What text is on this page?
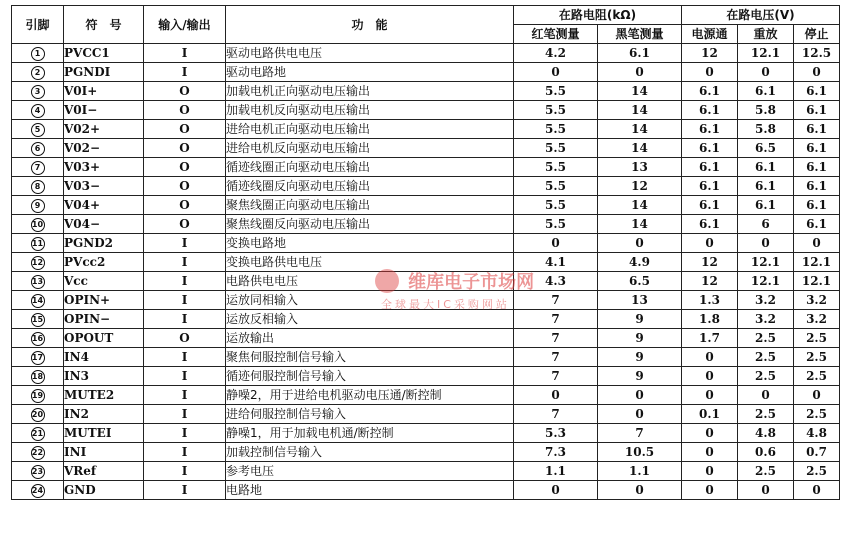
引脚	符　号	输入/输出	功　能	在路电阻(kΩ)		在路电压(V)		
				红笔测量	黑笔测量	电源通	重放	停止
1	PVCC1	I	驱动电路供电电压	4.2	6.1	12	12.1	12.5
2	PGNDI	I	驱动电路地	0	0	0	0	0
3	V0I+	O	加载电机正向驱动电压输出	5.5	14	6.1	6.1	6.1
4	V0I−	O	加载电机反向驱动电压输出	5.5	14	6.1	5.8	6.1
5	V02+	O	进给电机正向驱动电压输出	5.5	14	6.1	5.8	6.1
6	V02−	O	进给电机反向驱动电压输出	5.5	14	6.1	6.5	6.1
7	V03+	O	循迹线圈正向驱动电压输出	5.5	13	6.1	6.1	6.1
8	V03−	O	循迹线圈反向驱动电压输出	5.5	12	6.1	6.1	6.1
9	V04+	O	聚焦线圈正向驱动电压输出	5.5	14	6.1	6.1	6.1
10	V04−	O	聚焦线圈反向驱动电压输出	5.5	14	6.1	6	6.1
11	PGND2	I	变换电路地	0	0	0	0	0
12	PVcc2	I	变换电路供电电压	4.1	4.9	12	12.1	12.1
13	Vcc	I	电路供电电压	4.3	6.5	12	12.1	12.1
14	OPIN+	I	运放同相输入	7	13	1.3	3.2	3.2
15	OPIN−	I	运放反相输入	7	9	1.8	3.2	3.2
16	OPOUT	O	运放输出	7	9	1.7	2.5	2.5
17	IN4	I	聚焦伺服控制信号输入	7	9	0	2.5	2.5
18	IN3	I	循迹伺服控制信号输入	7	9	0	2.5	2.5
19	MUTE2	I	静噪2，用于进给电机驱动电压通/断控制	0	0	0	0	0
20	IN2	I	进给伺服控制信号输入	7	0	0.1	2.5	2.5
21	MUTEI	I	静噪1，用于加载电机通/断控制	5.3	7	0	4.8	4.8
22	INI	I	加载控制信号输入	7.3	10.5	0	0.6	0.7
23	VRef	I	参考电压	1.1	1.1	0	2.5	2.5
24	GND	I	电路地	0	0	0	0	0
维库电子市场网
全球最大IC采购网站
